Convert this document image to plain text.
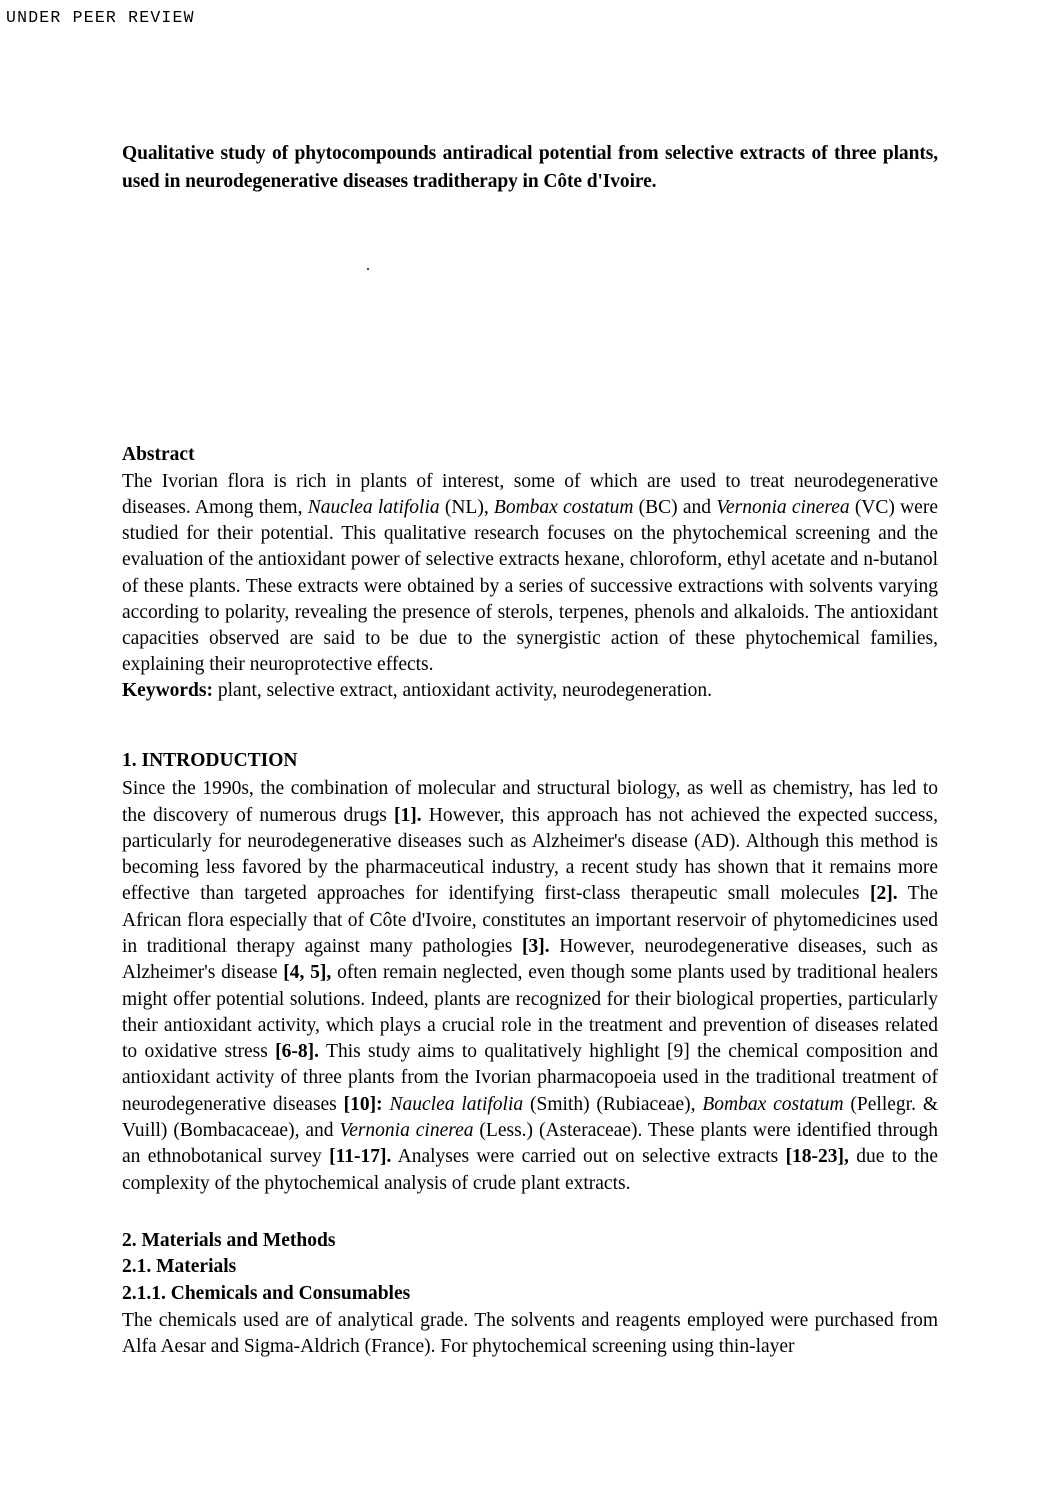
UNDER PEER REVIEW
Qualitative study of phytocompounds antiradical potential from selective extracts of three plants, used in neurodegenerative diseases traditherapy in Côte d'Ivoire.
.
Abstract

The Ivorian flora is rich in plants of interest, some of which are used to treat neurodegenerative diseases. Among them, Nauclea latifolia (NL), Bombax costatum (BC) and Vernonia cinerea (VC) were studied for their potential. This qualitative research focuses on the phytochemical screening and the evaluation of the antioxidant power of selective extracts hexane, chloroform, ethyl acetate and n-butanol of these plants. These extracts were obtained by a series of successive extractions with solvents varying according to polarity, revealing the presence of sterols, terpenes, phenols and alkaloids. The antioxidant capacities observed are said to be due to the synergistic action of these phytochemical families, explaining their neuroprotective effects.

Keywords: plant, selective extract, antioxidant activity, neurodegeneration.

1. INTRODUCTION

Since the 1990s, the combination of molecular and structural biology, as well as chemistry, has led to the discovery of numerous drugs [1]. However, this approach has not achieved the expected success, particularly for neurodegenerative diseases such as Alzheimer's disease (AD). Although this method is becoming less favored by the pharmaceutical industry, a recent study has shown that it remains more effective than targeted approaches for identifying first-class therapeutic small molecules [2]. The African flora especially that of Côte d'Ivoire, constitutes an important reservoir of phytomedicines used in traditional therapy against many pathologies [3]. However, neurodegenerative diseases, such as Alzheimer's disease [4, 5], often remain neglected, even though some plants used by traditional healers might offer potential solutions. Indeed, plants are recognized for their biological properties, particularly their antioxidant activity, which plays a crucial role in the treatment and prevention of diseases related to oxidative stress [6-8]. This study aims to qualitatively highlight [9] the chemical composition and antioxidant activity of three plants from the Ivorian pharmacopoeia used in the traditional treatment of neurodegenerative diseases [10]: Nauclea latifolia (Smith) (Rubiaceae), Bombax costatum (Pellegr. & Vuill) (Bombacaceae), and Vernonia cinerea (Less.) (Asteraceae). These plants were identified through an ethnobotanical survey [11-17]. Analyses were carried out on selective extracts [18-23], due to the complexity of the phytochemical analysis of crude plant extracts.

2. Materials and Methods
2.1. Materials
2.1.1. Chemicals and Consumables

The chemicals used are of analytical grade. The solvents and reagents employed were purchased from Alfa Aesar and Sigma-Aldrich (France). For phytochemical screening using thin-layer
